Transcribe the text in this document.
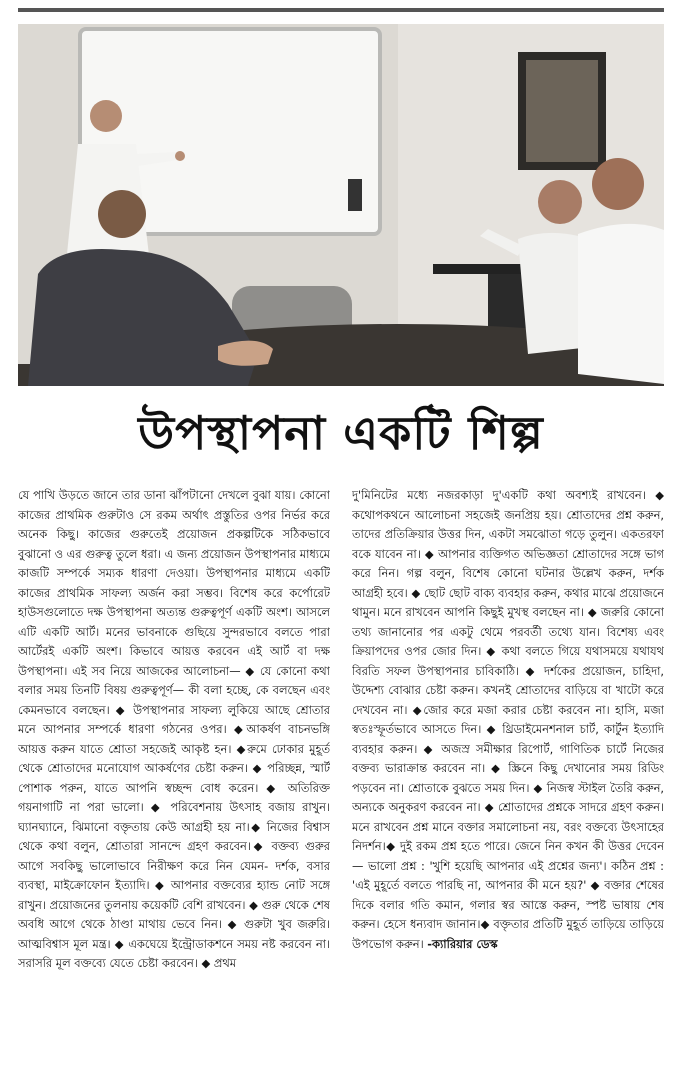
উপস্থাপনা একটি শিল্প
যে পাখি উড়তে জানে তার ডানা ঝাঁপটানো দেখলে বুঝা যায়। কোনো কাজের প্রাথমিক গুরুটাও সে রকম অর্থাৎ প্রস্তুতির ওপর নির্ভর করে অনেক কিছু। কাজের গুরুতেই প্রয়োজন প্রকল্পটিকে সঠিকভাবে বুঝানো ও এর গুরুত্ব তুলে ধরা। এ জন্য প্রয়োজন উপস্থাপনার মাধ্যমে কাজটি সম্পর্কে সম্যক ধারণা দেওয়া। উপস্থাপনার মাধ্যমে একটি কাজের প্রাথমিক সাফল্য অর্জন করা সম্ভব। বিশেষ করে কর্পোরেট হাউসগুলোতে দক্ষ উপস্থাপনা অত্যন্ত গুরুত্বপূর্ণ একটি অংশ। আসলে এটি একটি আর্ট। মনের ভাবনাকে গুছিয়ে সুন্দরভাবে বলতে পারা আর্টেরই একটি অংশ। কিভাবে আয়ত্ত করবেন এই আর্ট বা দক্ষ উপস্থাপনা। এই সব নিয়ে আজকের আলোচনা— ◆ যে কোনো কথা বলার সময় তিনটি বিষয় গুরুত্বপূর্ণ— কী বলা হচ্ছে, কে বলছেন এবং কেমনভাবে বলছেন। ◆ উপস্থাপনার সাফল্য লুকিয়ে আছে শ্রোতার মনে আপনার সম্পর্কে ধারণা গঠনের ওপর। ◆আকর্ষণ বাচনভঙ্গি আয়ত্ত করুন যাতে শ্রোতা সহজেই আকৃষ্ট হন। ◆রুমে ঢোকার মুহূর্ত থেকে শ্রোতাদের মনোযোগ আকর্ষণের চেষ্টা করুন। ◆ পরিচ্ছন্ন, স্মার্ট পোশাক পরুন, যাতে আপনি স্বচ্ছন্দ বোধ করেন। ◆ অতিরিক্ত গয়নাগাটি না পরা ভালো। ◆ পরিবেশনায় উৎসাহ বজায় রাখুন। ঘ্যানঘ্যানে, ঝিমানো বক্তৃতায় কেউ আগ্রহী হয় না।◆ নিজের বিশ্বাস থেকে কথা বলুন, শ্রোতারা সানন্দে গ্রহণ করবেন।◆ বক্তব্য গুরুর আগে সবকিছু ভালোভাবে নিরীক্ষণ করে নিন যেমন- দর্শক, বসার ব্যবস্থা, মাইক্রোফোন ইত্যাদি। ◆ আপনার বক্তব্যের হ্যান্ড নোট সঙ্গে রাখুন। প্রয়োজনের তুলনায় কয়েকটি বেশি রাখবেন। ◆ গুরু থেকে শেষ অবধি আগে থেকে ঠাণ্ডা মাথায় ভেবে নিন। ◆ গুরুটা খুব জরুরি। আত্মবিশ্বাস মূল মন্ত্র। ◆ একঘেয়ে ইন্ট্রোডাকশনে সময় নষ্ট করবেন না। সরাসরি মূল বক্তব্যে যেতে চেষ্টা করবেন। ◆ প্রথম
দু'মিনিটের মধ্যে নজরকাড়া দু'একটি কথা অবশ্যই রাখবেন। ◆ কথোপকথনে আলোচনা সহজেই জনপ্রিয় হয়। শ্রোতাদের প্রশ্ন করুন, তাদের প্রতিক্রিয়ার উত্তর দিন, একটা সমঝোতা গড়ে তুলুন। একতরফা বকে যাবেন না। ◆ আপনার ব্যক্তিগত অভিজ্ঞতা শ্রোতাদের সঙ্গে ভাগ করে নিন। গল্প বলুন, বিশেষ কোনো ঘটনার উল্লেখ করুন, দর্শক আগ্রহী হবে। ◆ ছোট ছোট বাক্য ব্যবহার করুন, কথার মাঝে প্রয়োজনে থামুন। মনে রাখবেন আপনি কিছুই মুখস্থ বলছেন না। ◆ জরুরি কোনো তথ্য জানানোর পর একটু থেমে পরবর্তী তথ্যে যান। বিশেষ্য এবং ক্রিয়াপদের ওপর জোর দিন। ◆ কথা বলতে গিয়ে যথাসময়ে যথাযথ বিরতি সফল উপস্থাপনার চাবিকাঠি। ◆ দর্শকের প্রয়োজন, চাহিদা, উদ্দেশ্য বোঝার চেষ্টা করুন। কখনই শ্রোতাদের বাড়িয়ে বা খাটো করে দেখবেন না। ◆জোর করে মজা করার চেষ্টা করবেন না। হাসি, মজা স্বতঃস্ফূর্তভাবে আসতে দিন। ◆ থ্রিডাইমেনশনাল চার্ট, কার্টুন ইত্যাদি ব্যবহার করুন। ◆ অজস্র সমীক্ষার রিপোর্ট, গাণিতিক চার্টে নিজের বক্তব্য ভারাক্রান্ত করবেন না। ◆ স্ক্রিনে কিছু দেখানোর সময় রিডিং পড়বেন না। শ্রোতাকে বুঝতে সময় দিন। ◆ নিজস্ব স্টাইল তৈরি করুন, অন্যকে অনুকরণ করবেন না। ◆ শ্রোতাদের প্রশ্নকে সাদরে গ্রহণ করুন। মনে রাখবেন প্রশ্ন মানে বক্তার সমালোচনা নয়, বরং বক্তব্যে উৎসাহের নিদর্শন।◆ দুই রকম প্রশ্ন হতে পারে। জেনে নিন কখন কী উত্তর দেবেন— ভালো প্রশ্ন : 'খুশি হয়েছি আপনার এই প্রশ্নের জন্য'। কঠিন প্রশ্ন : 'এই মুহূর্তে বলতে পারছি না, আপনার কী মনে হয়?' ◆ বক্তার শেষের দিকে বলার গতি কমান, গলার স্বর আস্তে করুন, স্পষ্ট ভাষায় শেষ করুন। হেসে ধন্যবাদ জানান।◆ বক্তৃতার প্রতিটি মুহূর্ত তাড়িয়ে তাড়িয়ে উপভোগ করুন। -ক্যারিয়ার ডেস্ক
